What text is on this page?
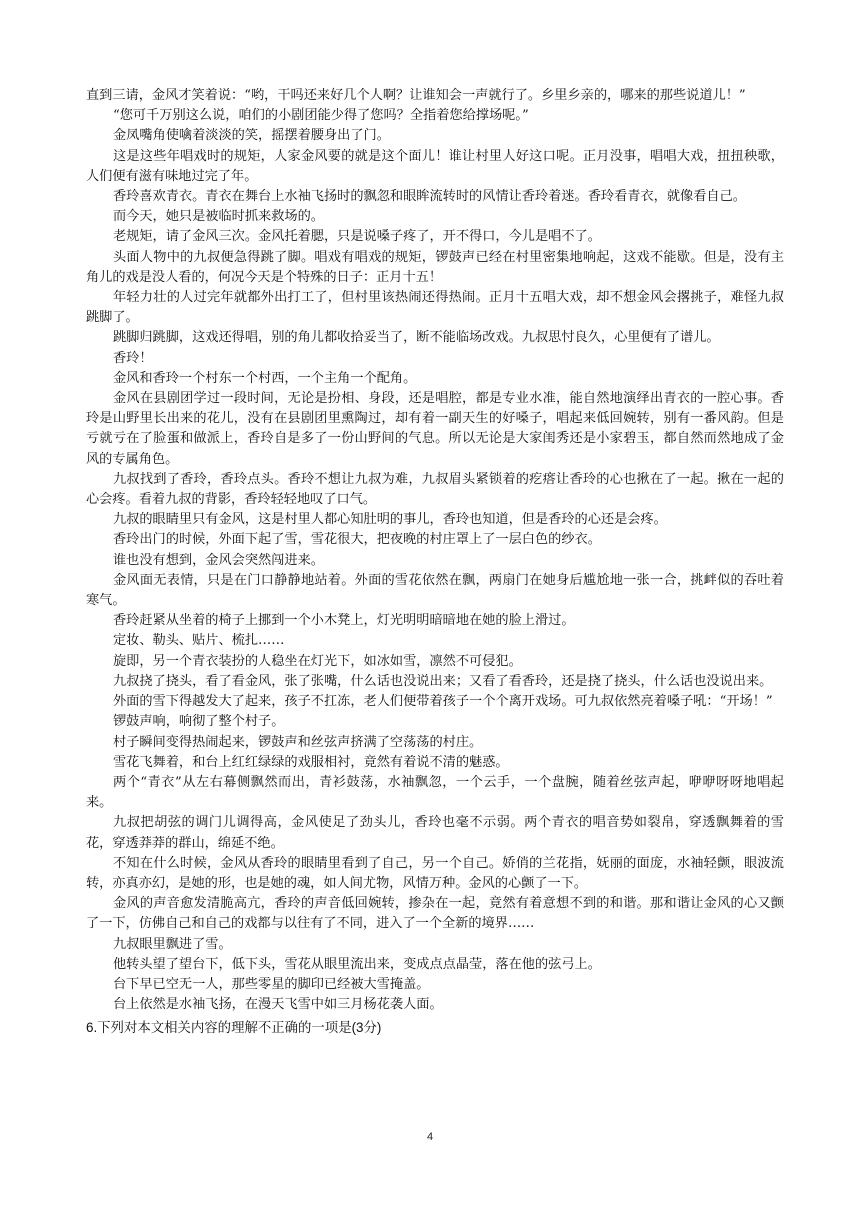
直到三请，金风才笑着说：“哟，干吗还来好几个人啊？让谁知会一声就行了。乡里乡亲的，哪来的那些说道儿！”

“您可千万别这么说，咱们的小剧团能少得了您吗？全指着您给撑场呢。”

金凤嘴角使噙着淡淡的笑，摇摆着腰身出了门。

这是这些年唱戏时的规矩，人家金风要的就是这个面儿！谁让村里人好这口呢。正月没事，唱唱大戏，扭扭秧歌，人们便有滋有味地过完了年。

香玲喜欢青衣。青衣在舞台上水袖飞扬时的飘忽和眼眸流转时的风情让香玲着迷。香玲看青衣，就像看自己。

而今天，她只是被临时抓来救场的。

老规矩，请了金风三次。金风托着腮，只是说嗓子疼了，开不得口，今儿是唱不了。

头面人物中的九叔便急得跳了脚。唱戏有唱戏的规矩，锣鼓声已经在村里密集地响起，这戏不能歇。但是，没有主角儿的戏是没人看的，何况今天是个特殊的日子：正月十五！

年轻力壮的人过完年就都外出打工了，但村里该热闹还得热闹。正月十五唱大戏，却不想金风会撂挑子，难怪九叔跳脚了。

跳脚归跳脚，这戏还得唱，别的角儿都收拾妥当了，断不能临场改戏。九叔思忖良久，心里便有了谱儿。

香玲！

金风和香玲一个村东一个村西，一个主角一个配角。

金风在县剧团学过一段时间，无论是扮相、身段，还是唱腔，都是专业水准，能自然地演绎出青衣的一腔心事。香玲是山野里长出来的花儿，没有在县剧团里熏陶过，却有着一副天生的好嗓子，唱起来低回婉转，别有一番风韵。但是亏就亏在了脸蛋和做派上，香玲自是多了一份山野间的气息。所以无论是大家闺秀还是小家碧玉，都自然而然地成了金风的专属角色。

九叔找到了香玲，香玲点头。香玲不想让九叔为难，九叔眉头紧锁着的疙瘩让香玲的心也揪在了一起。揪在一起的心会疼。看着九叔的背影，香玲轻轻地叹了口气。

九叔的眼睛里只有金风，这是村里人都心知肚明的事儿，香玲也知道，但是香玲的心还是会疼。

香玲出门的时候，外面下起了雪，雪花很大，把夜晚的村庄罩上了一层白色的纱衣。

谁也没有想到，金风会突然闯进来。

金风面无表情，只是在门口静静地站着。外面的雪花依然在飘，两扇门在她身后尴尬地一张一合，挑衅似的吞吐着寒气。

香玲赶紧从坐着的椅子上挪到一个小木凳上，灯光明明暗暗地在她的脸上滑过。

定妆、勒头、贴片、梳扎……

旋即，另一个青衣装扮的人稳坐在灯光下，如冰如雪，凛然不可侵犯。

九叔挠了挠头，看了看金风，张了张嘴，什么话也没说出来；又看了看香玲，还是挠了挠头，什么话也没说出来。

外面的雪下得越发大了起来，孩子不扛冻，老人们便带着孩子一个个离开戏场。可九叔依然亮着嗓子吼：“开场！”

锣鼓声响，响彻了整个村子。

村子瞬间变得热闹起来，锣鼓声和丝弦声挤满了空荡荡的村庄。

雪花飞舞着，和台上红红绿绿的戏服相衬，竟然有着说不清的魅惑。

两个“青衣”从左右幕侧飘然而出，青衫鼓荡，水袖飘忽，一个云手，一个盘腕，随着丝弦声起，咿咿呀呀地唱起来。

九叔把胡弦的调门儿调得高，金风使足了劲头儿，香玲也毫不示弱。两个青衣的唱音势如裂帛，穿透飘舞着的雪花，穿透莽莽的群山，绵延不绝。

不知在什么时候，金风从香玲的眼睛里看到了自己，另一个自己。娇俏的兰花指，妩丽的面庞，水袖轻颤，眼波流转，亦真亦幻，是她的形，也是她的魂，如人间尤物，风情万种。金风的心颤了一下。

金风的声音愈发清脆高亢，香玲的声音低回婉转，掺杂在一起，竟然有着意想不到的和谐。那和谐让金风的心又颤了一下，仿佛自己和自己的戏都与以往有了不同，进入了一个全新的境界……

九叔眼里飘进了雪。

他转头望了望台下，低下头，雪花从眼里流出来，变成点点晶莹，落在他的弦弓上。

台下早已空无一人，那些零星的脚印已经被大雪掩盖。

台上依然是水袖飞扬，在漫天飞雪中如三月杨花袭人面。

6.下列对本文相关内容的理解不正确的一项是(3分)

4
